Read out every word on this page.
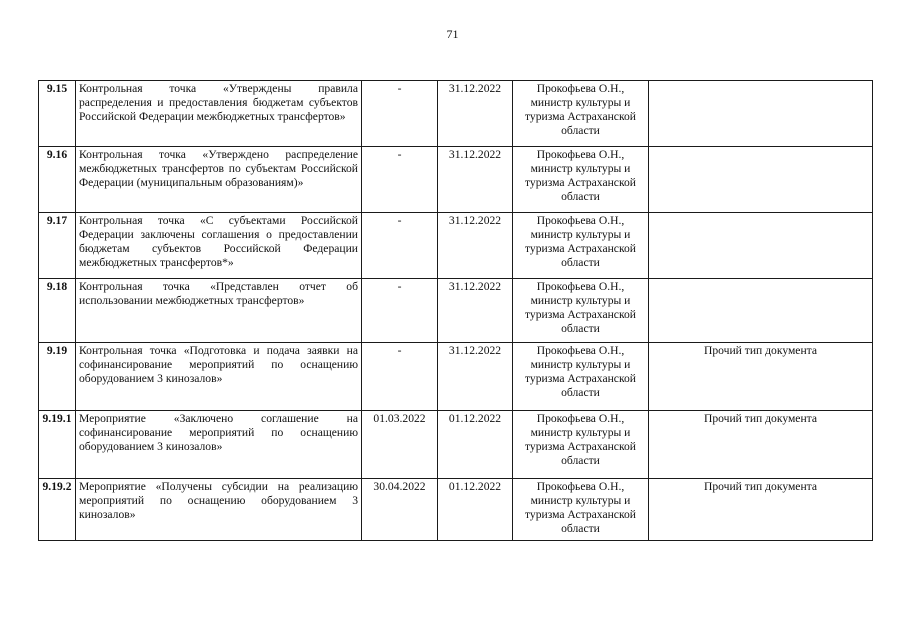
71
9.15	Контрольная точка «Утверждены правила распределения и предоставления бюджетам субъектов Российской Федерации межбюджетных трансфертов»	-	31.12.2022	Прокофьева О.Н., министр культуры и туризма Астраханской области	
9.16	Контрольная точка «Утверждено распределение межбюджетных трансфертов по субъектам Российской Федерации (муниципальным образованиям)»	-	31.12.2022	Прокофьева О.Н., министр культуры и туризма Астраханской области	
9.17	Контрольная точка «С субъектами Российской Федерации заключены соглашения о предоставлении бюджетам субъектов Российской Федерации межбюджетных трансфертов*»	-	31.12.2022	Прокофьева О.Н., министр культуры и туризма Астраханской области	
9.18	Контрольная точка «Представлен отчет об использовании межбюджетных трансфертов»	-	31.12.2022	Прокофьева О.Н., министр культуры и туризма Астраханской области	
9.19	Контрольная точка «Подготовка и подача заявки на софинансирование мероприятий по оснащению оборудованием 3 кинозалов»	-	31.12.2022	Прокофьева О.Н., министр культуры и туризма Астраханской области	Прочий тип документа
9.19.1	Мероприятие «Заключено соглашение на софинансирование мероприятий по оснащению оборудованием 3 кинозалов»	01.03.2022	01.12.2022	Прокофьева О.Н., министр культуры и туризма Астраханской области	Прочий тип документа
9.19.2	Мероприятие «Получены субсидии на реализацию мероприятий по оснащению оборудованием 3 кинозалов»	30.04.2022	01.12.2022	Прокофьева О.Н., министр культуры и туризма Астраханской области	Прочий тип документа
